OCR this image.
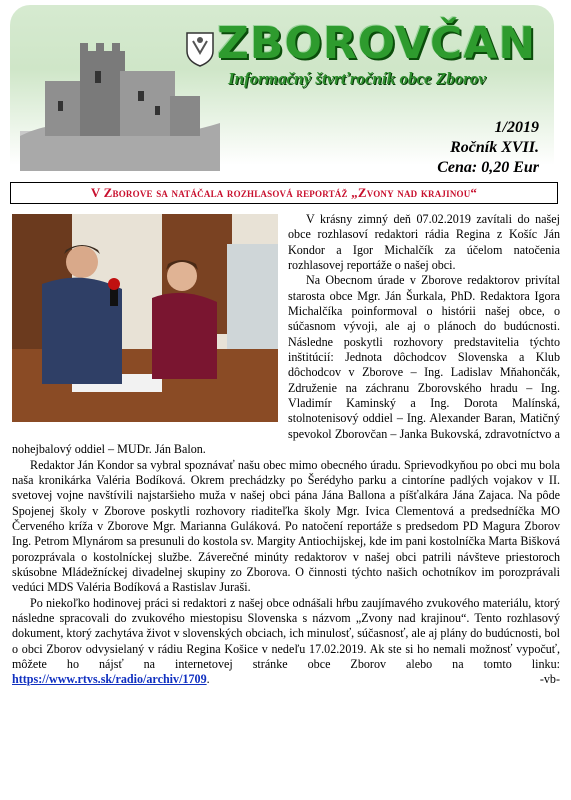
ZBOROVČAN
Informačný štvrťročník obce Zborov
1/2019
Ročník XVII.
Cena: 0,20 Eur
V Zborove sa natáčala rozhlasová reportáž „Zvony nad krajinou“

V krásny zimný deň 07.02.2019 zavítali do našej obce rozhlasoví redaktori rádia Regina z Košíc Ján Kondor a Igor Michalčík za účelom natočenia rozhlasovej reportáže o našej obci.

Na Obecnom úrade v Zborove redaktorov privítal starosta obce Mgr. Ján Šurkala, PhD. Redaktora Igora Michalčíka poinformoval o histórii našej obce, o súčasnom vývoji, ale aj o plánoch do budúcnosti. Následne poskytli rozhovory predstavitelia týchto inštitúcií: Jednota dôchodcov Slovenska a Klub dôchodcov v Zborove – Ing. Ladislav Mňahončák, Združenie na záchranu Zborovského hradu – Ing. Vladimír Kaminský a Ing. Dorota Malínská, stolnotenisový oddiel – Ing. Alexander Baran, Matičný spevokol Zborovčan – Janka Bukovská, zdravotníctvo a nohejbalový oddiel – MUDr. Ján Balon.

Redaktor Ján Kondor sa vybral spoznávať našu obec mimo obecného úradu. Sprievodkyňou po obci mu bola naša kronikárka Valéria Bodíková. Okrem prechádzky po Šerédyho parku a cintoríne padlých vojakov v II. svetovej vojne navštívili najstaršieho muža v našej obci pána Jána Ballona a píšťalkára Jána Zajaca. Na pôde Spojenej školy v Zborove poskytli rozhovory riaditeľka školy Mgr. Ivica Clementová a predsedníčka MO Červeného kríža v Zborove Mgr. Marianna Guláková. Po natočení reportáže s predsedom PD Magura Zborov Ing. Petrom Mlynárom sa presunuli do kostola sv. Margity Antiochijskej, kde im pani kostolníčka Marta Bišková porozprávala o kostolníckej službe. Záverečné minúty redaktorov v našej obci patrili návšteve priestoroch skúsobne Mládežníckej divadelnej skupiny zo Zborova. O činnosti týchto našich ochotníkov im porozprávali vedúci MDS Valéria Bodíková a Rastislav Juraši.

Po niekoľko hodinovej práci si redaktori z našej obce odnášali hŕbu zaujímavého zvukového materiálu, ktorý následne spracovali do zvukového miestopisu Slovenska s názvom „Zvony nad krajinou“. Tento rozhlasový dokument, ktorý zachytáva život v slovenských obciach, ich minulosť, súčasnosť, ale aj plány do budúcnosti, bol o obci Zborov odvysielaný v rádiu Regina Košice v nedeľu 17.02.2019. Ak ste si ho nemali možnosť vypočuť, môžete ho nájsť na internetovej stránke obce Zborov alebo na tomto linku: https://www.rtvs.sk/radio/archiv/1709.	-vb-
